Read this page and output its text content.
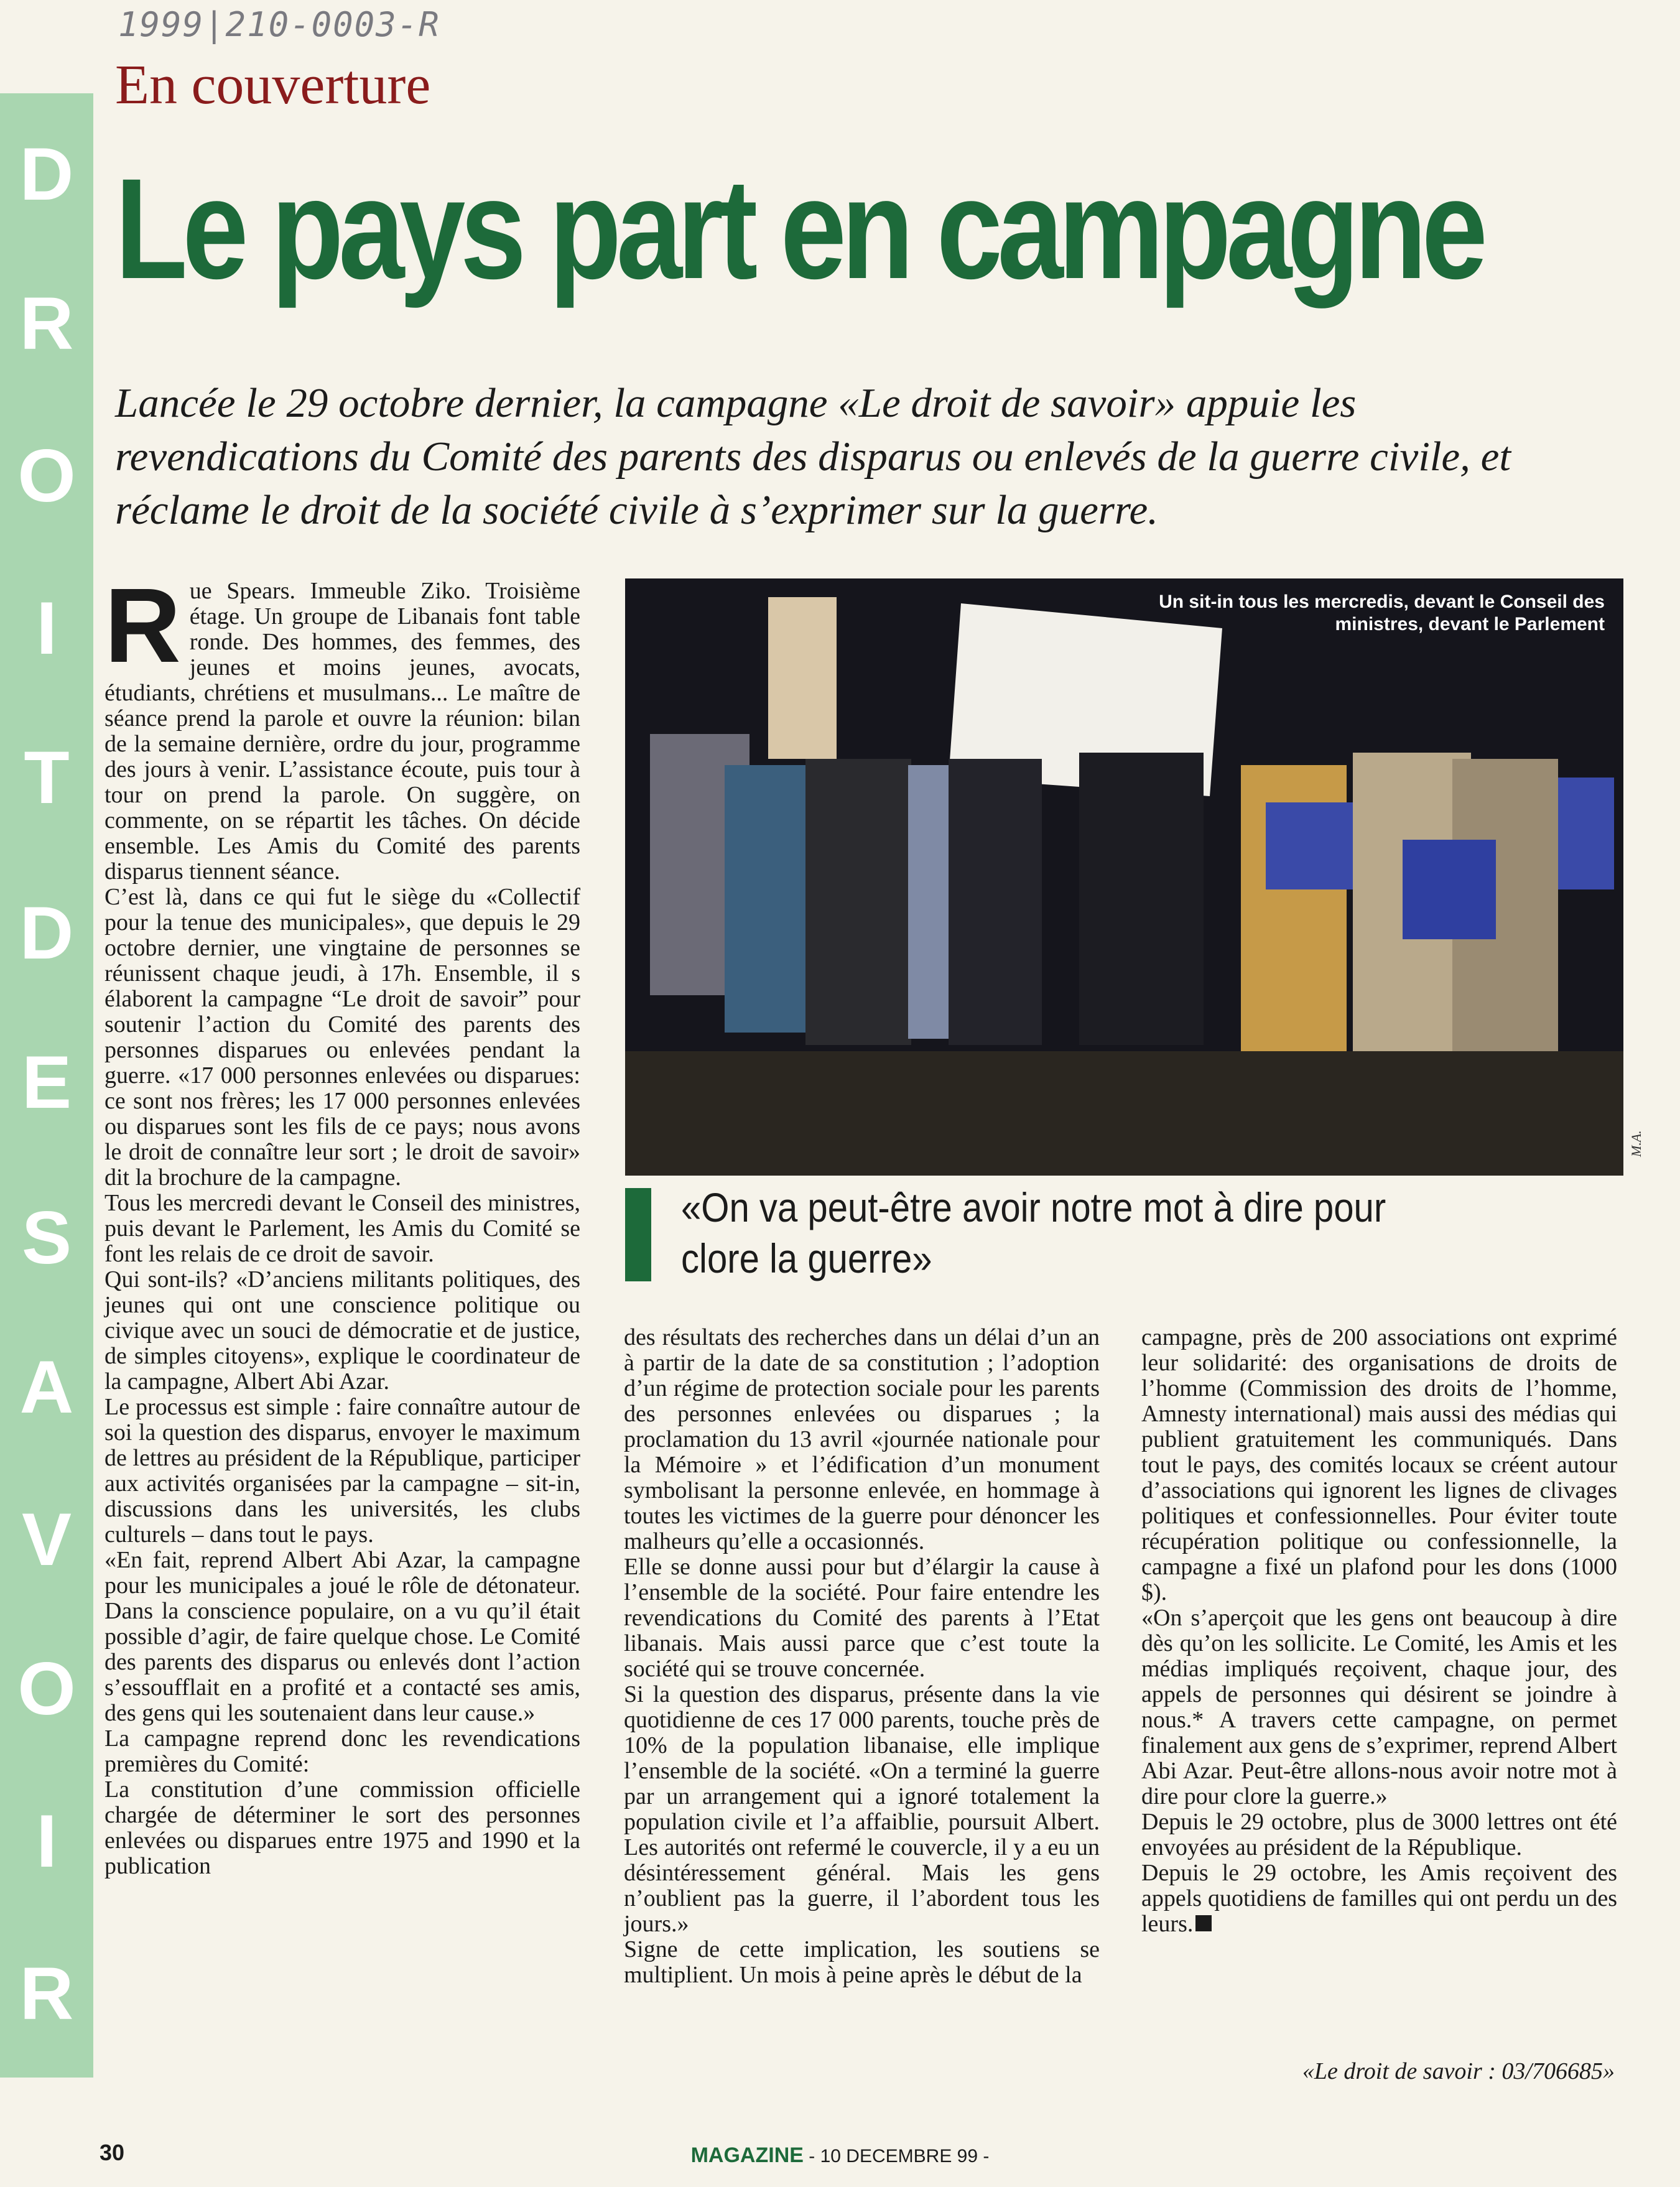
1999|210-0003-R
D
R
O
I
T
D
E
S
A
V
O
I
R
En couverture
Le pays part en campagne
Lancée le 29 octobre dernier, la campagne «Le droit de savoir» appuie les revendications du Comité des parents des disparus ou enlevés de la guerre civile, et réclame le droit de la société civile à s’exprimer sur la guerre.

Rue Spears. Immeuble Ziko. Troisième étage. Un groupe de Libanais font table ronde. Des hommes, des femmes, des jeunes et moins jeunes, avocats, étudiants, chrétiens et musulmans... Le maître de séance prend la parole et ouvre la réunion: bilan de la semaine dernière, ordre du jour, programme des jours à venir. L’assistance écoute, puis tour à tour on prend la parole. On suggère, on commente, on se répartit les tâches. On décide ensemble. Les Amis du Comité des parents disparus tiennent séance.

C’est là, dans ce qui fut le siège du «Collectif pour la tenue des municipales», que depuis le 29 octobre dernier, une vingtaine de personnes se réunissent chaque jeudi, à 17h. Ensemble, il s élaborent la campagne “Le droit de savoir” pour soutenir l’action du Comité des parents des personnes disparues ou enlevées pendant la guerre. «17 000 personnes enlevées ou disparues: ce sont nos frères; les 17 000 personnes enlevées ou disparues sont les fils de ce pays; nous avons le droit de connaître leur sort ; le droit de savoir» dit la brochure de la campagne.

Tous les mercredi devant le Conseil des ministres, puis devant le Parlement, les Amis du Comité se font les relais de ce droit de savoir.

Qui sont-ils? «D’anciens militants politiques, des jeunes qui ont une conscience politique ou civique avec un souci de démocratie et de justice, de simples citoyens», explique le coordinateur de la campagne, Albert Abi Azar.

Le processus est simple : faire connaître autour de soi la question des disparus, envoyer le maximum de lettres au président de la République, participer aux activités organisées par la campagne – sit-in, discussions dans les universités, les clubs culturels – dans tout le pays.

«En fait, reprend Albert Abi Azar, la campagne pour les municipales a joué le rôle de détonateur. Dans la conscience populaire, on a vu qu’il était possible d’agir, de faire quelque chose. Le Comité des parents des disparus ou enlevés dont l’action s’essoufflait en a profité et a contacté ses amis, des gens qui les soutenaient dans leur cause.»

La campagne reprend donc les revendications premières du Comité:

La constitution d’une commission officielle chargée de déterminer le sort des personnes enlevées ou disparues entre 1975 and 1990 et la publication

Un sit-in tous les mercredis, devant le Conseil des ministres, devant le Parlement
M.A.
«On va peut-être avoir notre mot à dire pour clore la guerre»

des résultats des recherches dans un délai d’un an à partir de la date de sa constitution ; l’adoption d’un régime de protection sociale pour les parents des personnes enlevées ou disparues ; la proclamation du 13 avril «journée nationale pour la Mémoire » et l’édification d’un monument symbolisant la personne enlevée, en hommage à toutes les victimes de la guerre pour dénoncer les malheurs qu’elle a occasionnés.

Elle se donne aussi pour but d’élargir la cause à l’ensemble de la société. Pour faire entendre les revendications du Comité des parents à l’Etat libanais. Mais aussi parce que c’est toute la société qui se trouve concernée.

Si la question des disparus, présente dans la vie quotidienne de ces 17 000 parents, touche près de 10% de la population libanaise, elle implique l’ensemble de la société. «On a terminé la guerre par un arrangement qui a ignoré totalement la population civile et l’a affaiblie, poursuit Albert. Les autorités ont refermé le couvercle, il y a eu un désintéressement général. Mais les gens n’oublient pas la guerre, il l’abordent tous les jours.»

Signe de cette implication, les soutiens se multiplient. Un mois à peine après le début de la

campagne, près de 200 associations ont exprimé leur solidarité: des organisations de droits de l’homme (Commission des droits de l’homme, Amnesty international) mais aussi des médias qui publient gratuitement les communiqués. Dans tout le pays, des comités locaux se créent autour d’associations qui ignorent les lignes de clivages politiques et confessionnelles. Pour éviter toute récupération politique ou confessionnelle, la campagne a fixé un plafond pour les dons (1000 $).

«On s’aperçoit que les gens ont beaucoup à dire dès qu’on les sollicite. Le Comité, les Amis et les médias impliqués reçoivent, chaque jour, des appels de personnes qui désirent se joindre à nous.* A travers cette campagne, on permet finalement aux gens de s’exprimer, reprend Albert Abi Azar. Peut-être allons-nous avoir notre mot à dire pour clore la guerre.»

Depuis le 29 octobre, plus de 3000 lettres ont été envoyées au président de la République.

Depuis le 29 octobre, les Amis reçoivent des appels quotidiens de familles qui ont perdu un des leurs.

«Le droit de savoir : 03/706685»
30	MAGAZINE - 10 DECEMBRE 99 -
